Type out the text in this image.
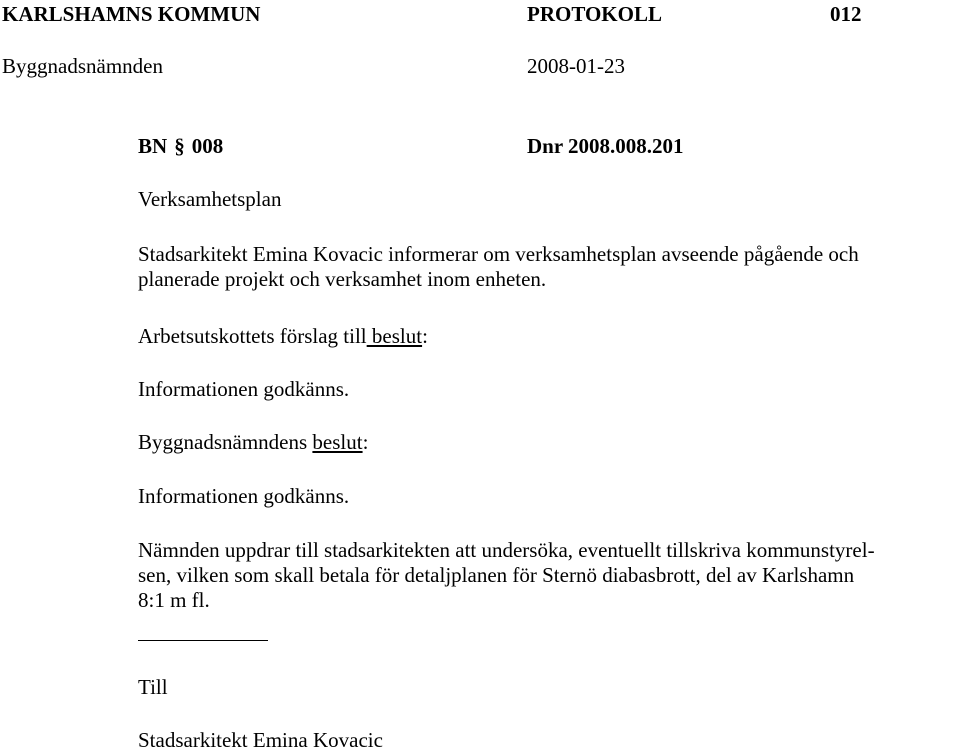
KARLSHAMNS KOMMUN	PROTOKOLL	012
Byggnadsnämnden	2008-01-23
BN § 008	Dnr 2008.008.201
Verksamhetsplan
Stadsarkitekt Emina Kovacic informerar om verksamhetsplan avseende pågående och
planerade projekt och verksamhet inom enheten.
Arbetsutskottets förslag till beslut:
Informationen godkänns.
Byggnadsnämndens beslut:
Informationen godkänns.
Nämnden uppdrar till stadsarkitekten att undersöka, eventuellt tillskriva kommunstyrel-
sen, vilken som skall betala för detaljplanen för Sternö diabasbrott, del av Karlshamn
8:1 m fl.
Till
Stadsarkitekt Emina Kovacic
